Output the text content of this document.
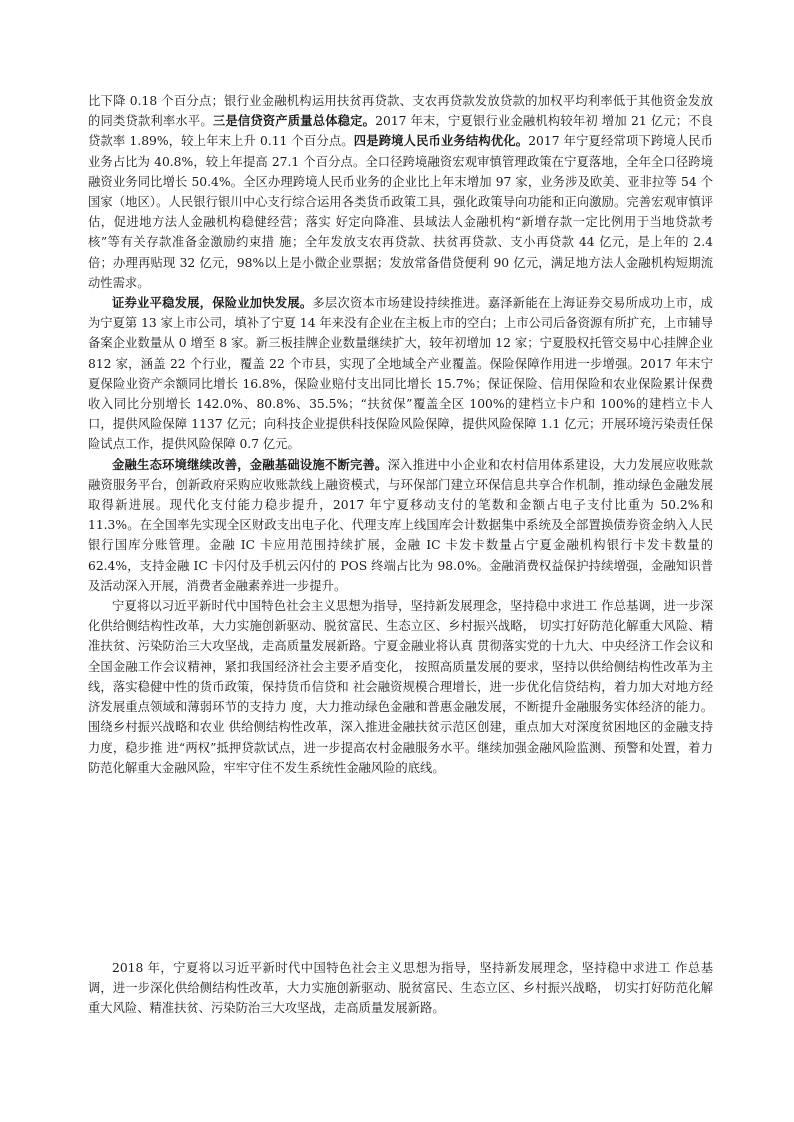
比下降 0.18 个百分点；银行业金融机构运用扶贫再贷款、支农再贷款发放贷款的加权平均利率低于其他资金发放的同类贷款利率水平。三是信贷资产质量总体稳定。2017 年末，宁夏银行业金融机构较年初 增加 21 亿元；不良贷款率 1.89%，较上年末上升 0.11 个百分点。四是跨境人民币业务结构优化。2017 年宁夏经常项下跨境人民币业务占比为 40.8%，较上年提高 27.1 个百分点。全口径跨境融资宏观审慎管理政策在宁夏落地，全年全口径跨境融资业务同比增长 50.4%。全区办理跨境人民币业务的企业比上年末增加 97 家，业务涉及欧美、亚非拉等 54 个国家（地区）。人民银行银川中心支行综合运用各类货币政策工具，强化政策导向功能和正向激励。完善宏观审慎评估，促进地方法人金融机构稳健经营；落实 好定向降准、县域法人金融机构“新增存款一定比例用于当地贷款考核”等有关存款准备金激励约束措 施；全年发放支农再贷款、扶贫再贷款、支小再贷款 44 亿元，是上年的 2.4 倍；办理再贴现 32 亿元，98%以上是小微企业票据；发放常备借贷便利 90 亿元，满足地方法人金融机构短期流动性需求。

证券业平稳发展，保险业加快发展。多层次资本市场建设持续推进。嘉泽新能在上海证券交易所成功上市，成为宁夏第 13 家上市公司，填补了宁夏 14 年来没有企业在主板上市的空白；上市公司后备资源有所扩充，上市辅导备案企业数量从 0 增至 8 家。新三板挂牌企业数量继续扩大，较年初增加 12 家；宁夏股权托管交易中心挂牌企业 812 家，涵盖 22 个行业，覆盖 22 个市县，实现了全地域全产业覆盖。保险保障作用进一步增强。2017 年末宁夏保险业资产余额同比增长 16.8%，保险业赔付支出同比增长 15.7%；保证保险、信用保险和农业保险累计保费收入同比分别增长 142.0%、80.8%、35.5%；“扶贫保”覆盖全区 100%的建档立卡户和 100%的建档立卡人口，提供风险保障 1137 亿元；向科技企业提供科技保险风险保障，提供风险保障 1.1 亿元；开展环境污染责任保险试点工作，提供风险保障 0.7 亿元。

金融生态环境继续改善，金融基础设施不断完善。深入推进中小企业和农村信用体系建设，大力发展应收账款融资服务平台，创新政府采购应收账款线上融资模式，与环保部门建立环保信息共享合作机制，推动绿色金融发展取得新进展。现代化支付能力稳步提升，2017 年宁夏移动支付的笔数和金额占电子支付比重为 50.2%和 11.3%。在全国率先实现全区财政支出电子化、代理支库上线国库会计数据集中系统及全部置换债券资金纳入人民银行国库分账管理。金融 IC 卡应用范围持续扩展，金融 IC 卡发卡数量占宁夏金融机构银行卡发卡数量的 62.4%，支持金融 IC 卡闪付及手机云闪付的 POS 终端占比为 98.0%。金融消费权益保护持续增强，金融知识普及活动深入开展，消费者金融素养进一步提升。

宁夏将以习近平新时代中国特色社会主义思想为指导，坚持新发展理念，坚持稳中求进工 作总基调，进一步深化供给侧结构性改革，大力实施创新驱动、脱贫富民、生态立区、乡村振兴战略， 切实打好防范化解重大风险、精准扶贫、污染防治三大攻坚战，走高质量发展新路。宁夏金融业将认真 贯彻落实党的十九大、中央经济工作会议和全国金融工作会议精神，紧扣我国经济社会主要矛盾变化， 按照高质量发展的要求，坚持以供给侧结构性改革为主线，落实稳健中性的货币政策，保持货币信贷和 社会融资规模合理增长，进一步优化信贷结构，着力加大对地方经济发展重点领域和薄弱环节的支持力 度，大力推动绿色金融和普惠金融发展，不断提升金融服务实体经济的能力。围绕乡村振兴战略和农业 供给侧结构性改革，深入推进金融扶贫示范区创建，重点加大对深度贫困地区的金融支持力度，稳步推 进“两权”抵押贷款试点，进一步提高农村金融服务水平。继续加强金融风险监测、预警和处置，着力 防范化解重大金融风险，牢牢守住不发生系统性金融风险的底线。

2018 年，宁夏将以习近平新时代中国特色社会主义思想为指导，坚持新发展理念，坚持稳中求进工 作总基调，进一步深化供给侧结构性改革，大力实施创新驱动、脱贫富民、生态立区、乡村振兴战略， 切实打好防范化解重大风险、精准扶贫、污染防治三大攻坚战，走高质量发展新路。
